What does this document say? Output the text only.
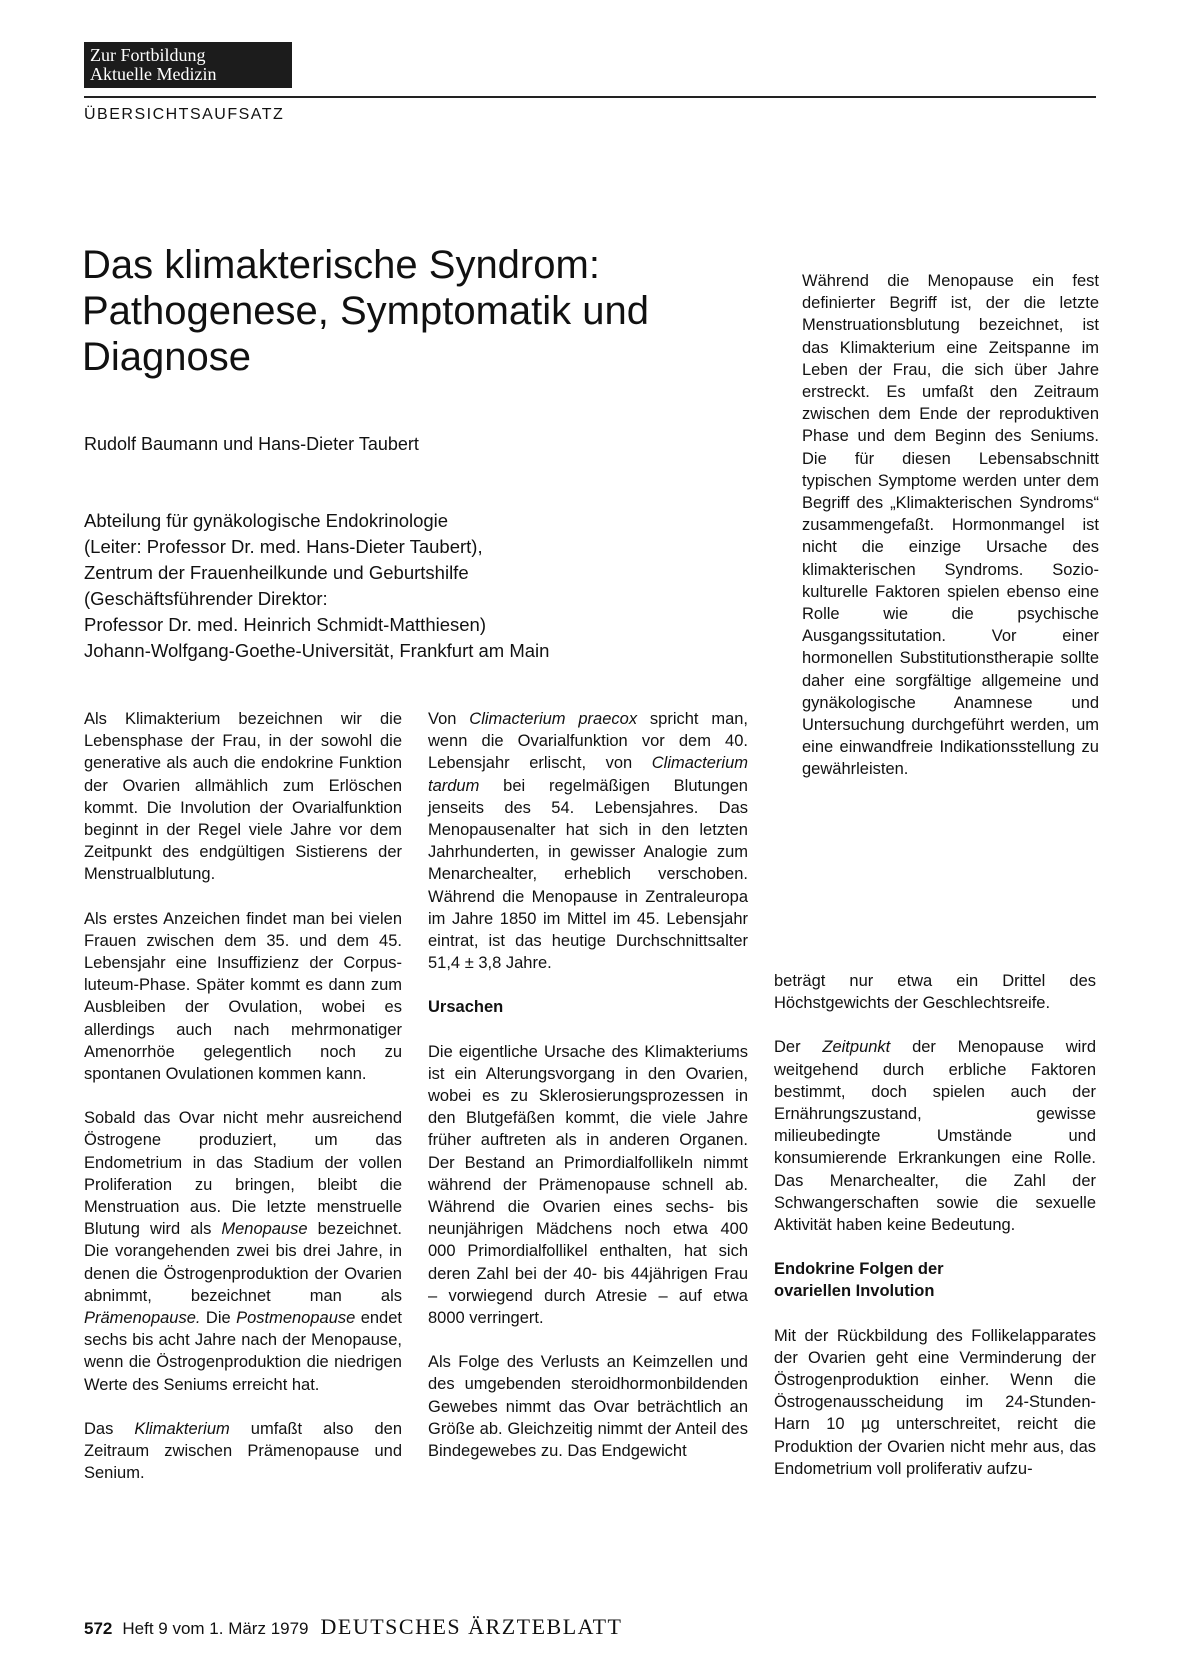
Zur Fortbildung
Aktuelle Medizin
ÜBERSICHTSAUFSATZ
Das klimakterische Syndrom: Pathogenese, Symptomatik und Diagnose
Rudolf Baumann und Hans-Dieter Taubert
Abteilung für gynäkologische Endokrinologie
(Leiter: Professor Dr. med. Hans-Dieter Taubert),
Zentrum der Frauenheilkunde und Geburtshilfe
(Geschäftsführender Direktor:
Professor Dr. med. Heinrich Schmidt-Matthiesen)
Johann-Wolfgang-Goethe-Universität, Frankfurt am Main

Als Klimakterium bezeichnen wir die Lebensphase der Frau, in der sowohl die generative als auch die endokrine Funktion der Ovarien allmählich zum Erlöschen kommt. Die Involution der Ovarialfunktion beginnt in der Regel viele Jahre vor dem Zeitpunkt des endgültigen Sistierens der Menstrualblutung.

Als erstes Anzeichen findet man bei vielen Frauen zwischen dem 35. und dem 45. Lebensjahr eine Insuffizienz der Corpus-luteum-Phase. Später kommt es dann zum Ausbleiben der Ovulation, wobei es allerdings auch nach mehrmonatiger Amenorrhöe gelegentlich noch zu spontanen Ovulationen kommen kann.

Sobald das Ovar nicht mehr ausreichend Östrogene produziert, um das Endometrium in das Stadium der vollen Proliferation zu bringen, bleibt die Menstruation aus. Die letzte menstruelle Blutung wird als Menopause bezeichnet. Die vorangehenden zwei bis drei Jahre, in denen die Östrogenproduktion der Ovarien abnimmt, bezeichnet man als Prämenopause. Die Postmenopause endet sechs bis acht Jahre nach der Menopause, wenn die Östrogenproduktion die niedrigen Werte des Seniums erreicht hat.

Das Klimakterium umfaßt also den Zeitraum zwischen Prämenopause und Senium.

Von Climacterium praecox spricht man, wenn die Ovarialfunktion vor dem 40. Lebensjahr erlischt, von Climacterium tardum bei regelmäßigen Blutungen jenseits des 54. Lebensjahres. Das Menopausenalter hat sich in den letzten Jahrhunderten, in gewisser Analogie zum Menarchealter, erheblich verschoben. Während die Menopause in Zentraleuropa im Jahre 1850 im Mittel im 45. Lebensjahr eintrat, ist das heutige Durchschnittsalter 51,4 ± 3,8 Jahre.

Ursachen

Die eigentliche Ursache des Klimakteriums ist ein Alterungsvorgang in den Ovarien, wobei es zu Sklerosierungsprozessen in den Blutgefäßen kommt, die viele Jahre früher auftreten als in anderen Organen. Der Bestand an Primordialfollikeln nimmt während der Prämenopause schnell ab. Während die Ovarien eines sechs- bis neunjährigen Mädchens noch etwa 400 000 Primordialfollikel enthalten, hat sich deren Zahl bei der 40- bis 44jährigen Frau – vorwiegend durch Atresie – auf etwa 8000 verringert.

Als Folge des Verlusts an Keimzellen und des umgebenden steroidhormonbildenden Gewebes nimmt das Ovar beträchtlich an Größe ab. Gleichzeitig nimmt der Anteil des Bindegewebes zu. Das Endgewicht

Während die Menopause ein fest definierter Begriff ist, der die letzte Menstruationsblutung bezeichnet, ist das Klimakterium eine Zeitspanne im Leben der Frau, die sich über Jahre erstreckt. Es umfaßt den Zeitraum zwischen dem Ende der reproduktiven Phase und dem Beginn des Seniums. Die für diesen Lebensabschnitt typischen Symptome werden unter dem Begriff des „Klimakterischen Syndroms“ zusammengefaßt. Hormonmangel ist nicht die einzige Ursache des klimakterischen Syndroms. Sozio-kulturelle Faktoren spielen ebenso eine Rolle wie die psychische Ausgangssitutation. Vor einer hormonellen Substitutionstherapie sollte daher eine sorgfältige allgemeine und gynäkologische Anamnese und Untersuchung durchgeführt werden, um eine einwandfreie Indikationsstellung zu gewährleisten.

beträgt nur etwa ein Drittel des Höchstgewichts der Geschlechtsreife.

Der Zeitpunkt der Menopause wird weitgehend durch erbliche Faktoren bestimmt, doch spielen auch der Ernährungszustand, gewisse milieubedingte Umstände und konsumierende Erkrankungen eine Rolle. Das Menarchealter, die Zahl der Schwangerschaften sowie die sexuelle Aktivität haben keine Bedeutung.

Endokrine Folgen der
ovariellen Involution

Mit der Rückbildung des Follikelapparates der Ovarien geht eine Verminderung der Östrogenproduktion einher. Wenn die Östrogenausscheidung im 24-Stunden-Harn 10 µg unterschreitet, reicht die Produktion der Ovarien nicht mehr aus, das Endometrium voll proliferativ aufzu-

572 Heft 9 vom 1. März 1979 DEUTSCHES ÄRZTEBLATT
